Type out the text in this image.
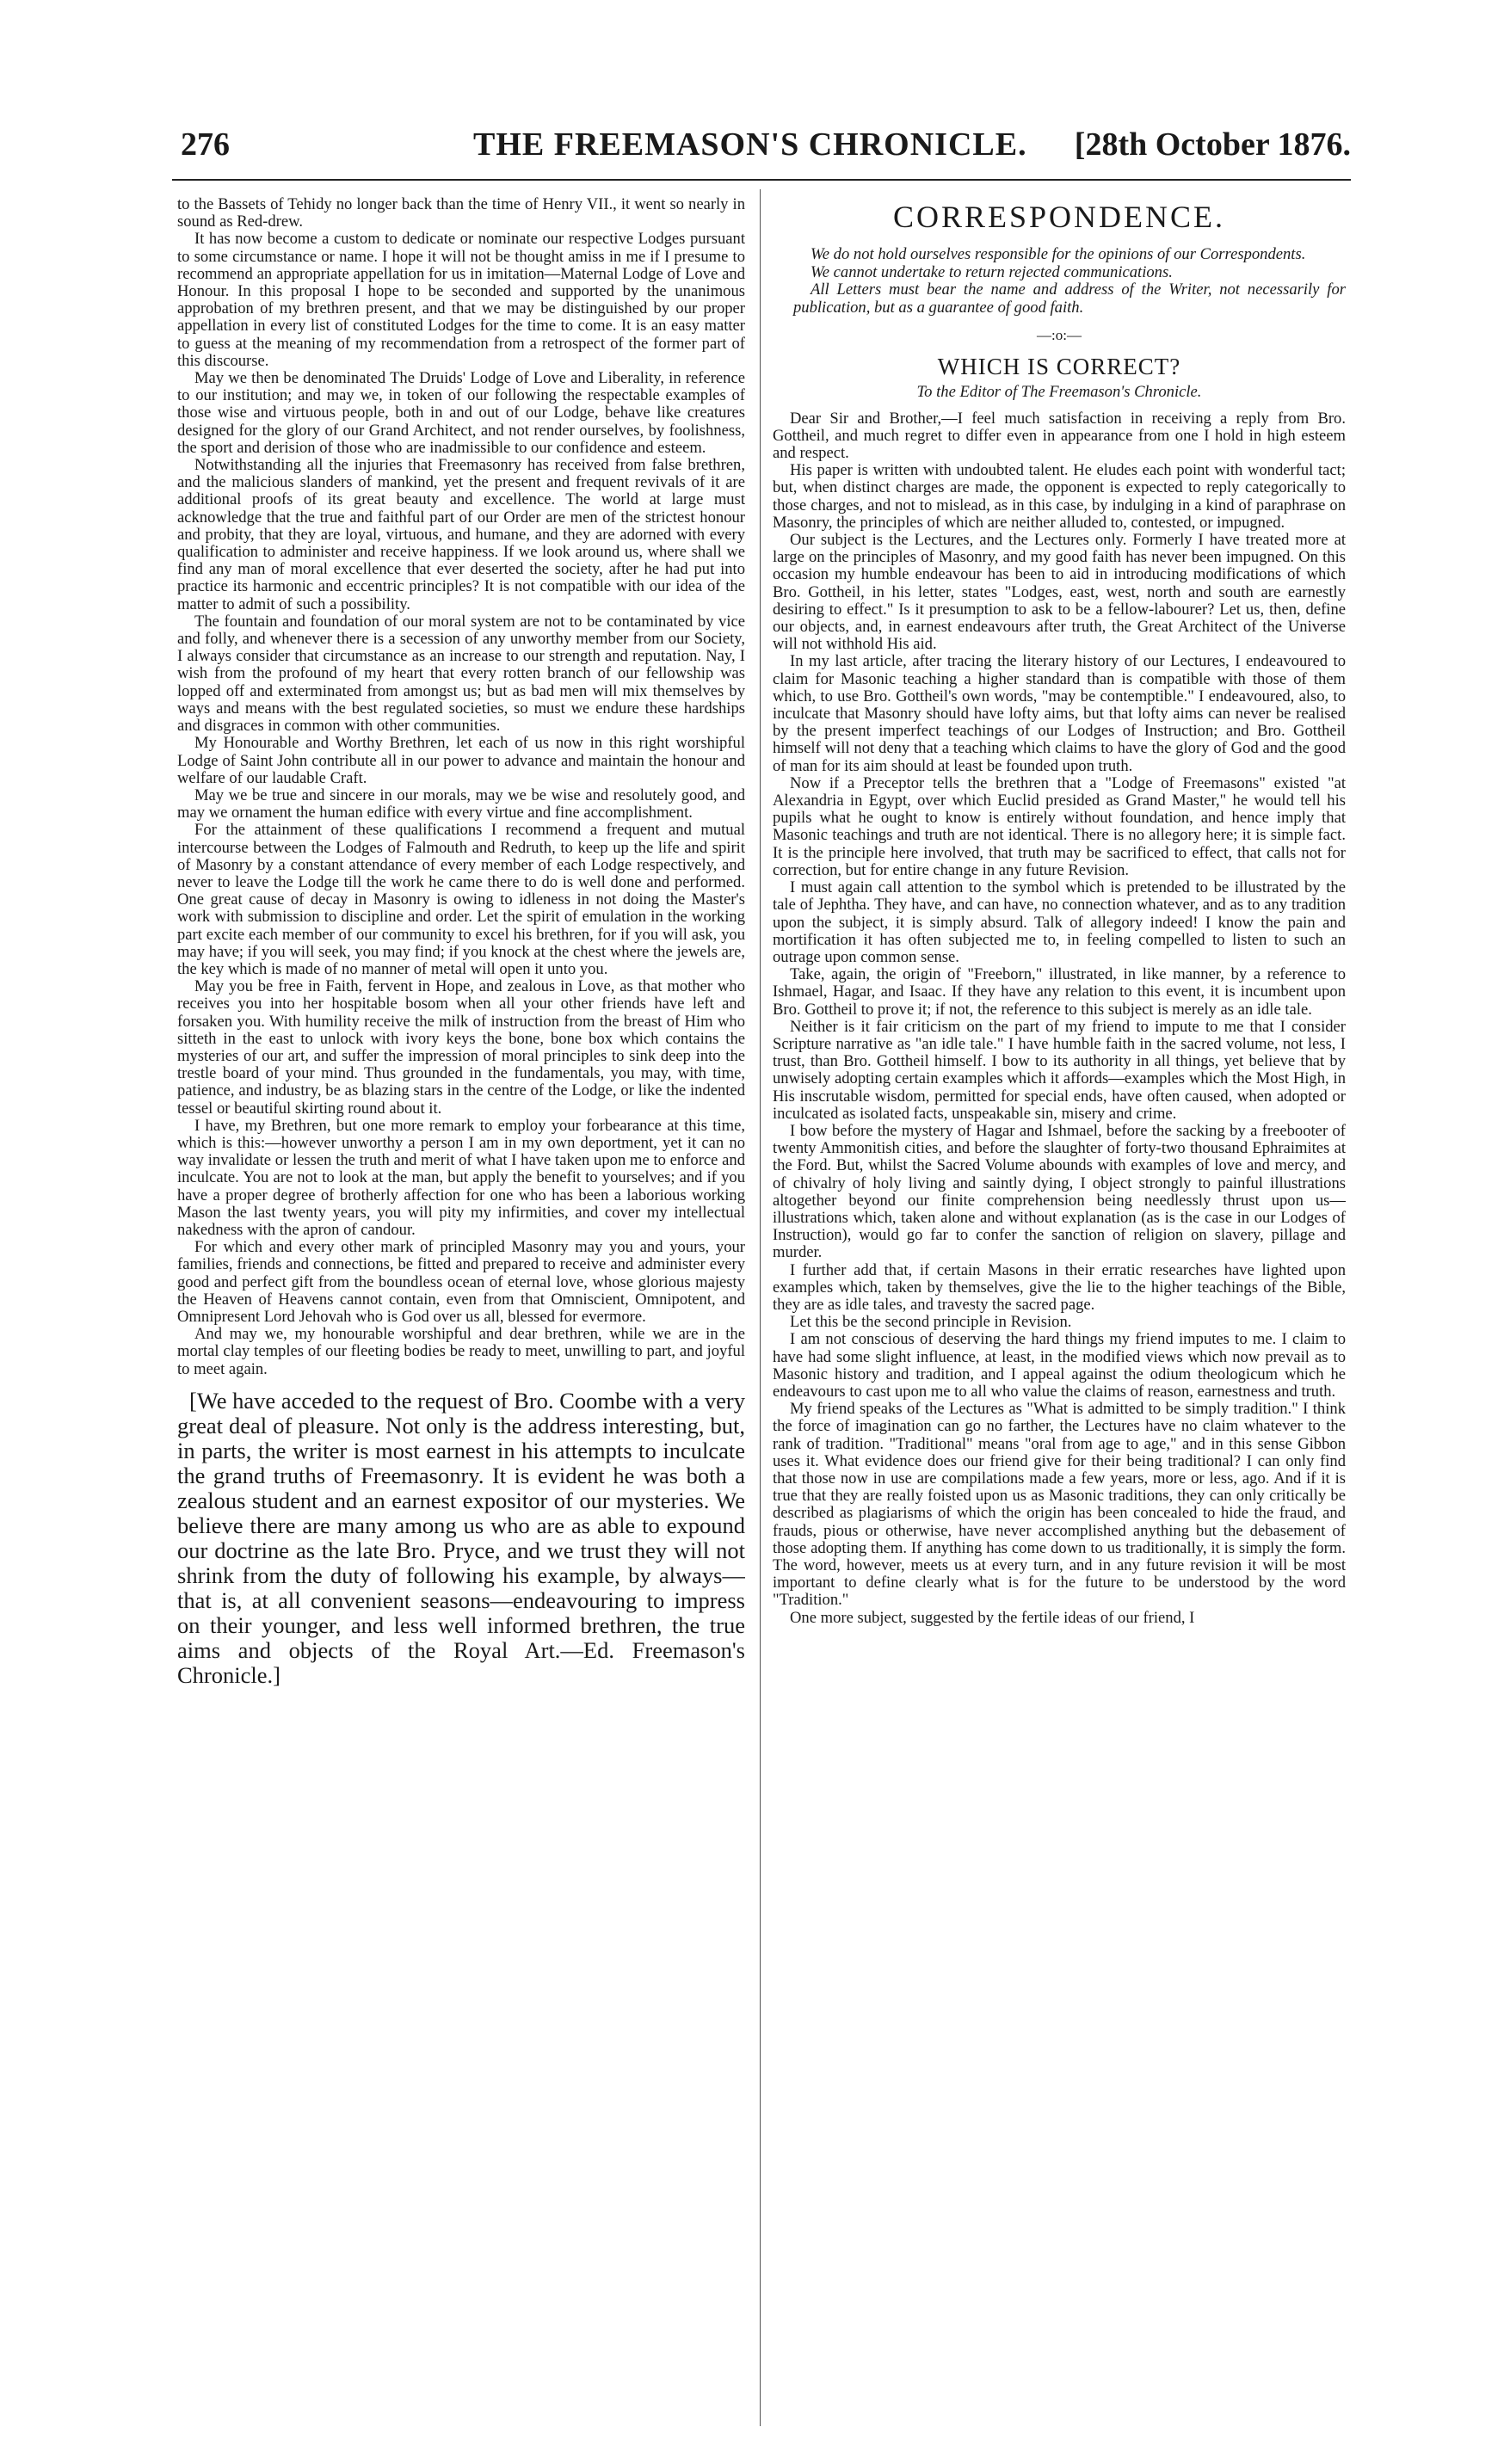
276	THE FREEMASON'S CHRONICLE. [28th October 1876.

to the Bassets of Tehidy no longer back than the time of Henry VII., it went so nearly in sound as Red-drew.

It has now become a custom to dedicate or nominate our respective Lodges pursuant to some circumstance or name. I hope it will not be thought amiss in me if I presume to recommend an appropriate appellation for us in imitation—Maternal Lodge of Love and Honour. In this proposal I hope to be seconded and supported by the unanimous approbation of my brethren present, and that we may be distinguished by our proper appellation in every list of constituted Lodges for the time to come. It is an easy matter to guess at the meaning of my recommendation from a retrospect of the former part of this discourse.

May we then be denominated The Druids' Lodge of Love and Liberality, in reference to our institution; and may we, in token of our following the respectable examples of those wise and virtuous people, both in and out of our Lodge, behave like creatures designed for the glory of our Grand Architect, and not render ourselves, by foolishness, the sport and derision of those who are inadmissible to our confidence and esteem.

Notwithstanding all the injuries that Freemasonry has received from false brethren, and the malicious slanders of mankind, yet the present and frequent revivals of it are additional proofs of its great beauty and excellence. The world at large must acknowledge that the true and faithful part of our Order are men of the strictest honour and probity, that they are loyal, virtuous, and humane, and they are adorned with every qualification to administer and receive happiness. If we look around us, where shall we find any man of moral excellence that ever deserted the society, after he had put into practice its harmonic and eccentric principles? It is not compatible with our idea of the matter to admit of such a possibility.

The fountain and foundation of our moral system are not to be contaminated by vice and folly, and whenever there is a secession of any unworthy member from our Society, I always consider that circumstance as an increase to our strength and reputation. Nay, I wish from the profound of my heart that every rotten branch of our fellowship was lopped off and exterminated from amongst us; but as bad men will mix themselves by ways and means with the best regulated societies, so must we endure these hardships and disgraces in common with other communities.

My Honourable and Worthy Brethren, let each of us now in this right worshipful Lodge of Saint John contribute all in our power to advance and maintain the honour and welfare of our laudable Craft.

May we be true and sincere in our morals, may we be wise and resolutely good, and may we ornament the human edifice with every virtue and fine accomplishment.

For the attainment of these qualifications I recommend a frequent and mutual intercourse between the Lodges of Falmouth and Redruth, to keep up the life and spirit of Masonry by a constant attendance of every member of each Lodge respectively, and never to leave the Lodge till the work he came there to do is well done and performed. One great cause of decay in Masonry is owing to idleness in not doing the Master's work with submission to discipline and order. Let the spirit of emulation in the working part excite each member of our community to excel his brethren, for if you will ask, you may have; if you will seek, you may find; if you knock at the chest where the jewels are, the key which is made of no manner of metal will open it unto you.

May you be free in Faith, fervent in Hope, and zealous in Love, as that mother who receives you into her hospitable bosom when all your other friends have left and forsaken you. With humility receive the milk of instruction from the breast of Him who sitteth in the east to unlock with ivory keys the bone, bone box which contains the mysteries of our art, and suffer the impression of moral principles to sink deep into the trestle board of your mind. Thus grounded in the fundamentals, you may, with time, patience, and industry, be as blazing stars in the centre of the Lodge, or like the indented tessel or beautiful skirting round about it.

I have, my Brethren, but one more remark to employ your forbearance at this time, which is this:—however unworthy a person I am in my own deportment, yet it can no way invalidate or lessen the truth and merit of what I have taken upon me to enforce and inculcate. You are not to look at the man, but apply the benefit to yourselves; and if you have a proper degree of brotherly affection for one who has been a laborious working Mason the last twenty years, you will pity my infirmities, and cover my intellectual nakedness with the apron of candour.

For which and every other mark of principled Masonry may you and yours, your families, friends and connections, be fitted and prepared to receive and administer every good and perfect gift from the boundless ocean of eternal love, whose glorious majesty the Heaven of Heavens cannot contain, even from that Omniscient, Omnipotent, and Omnipresent Lord Jehovah who is God over us all, blessed for evermore.

And may we, my honourable worshipful and dear brethren, while we are in the mortal clay temples of our fleeting bodies be ready to meet, unwilling to part, and joyful to meet again.

[We have acceded to the request of Bro. Coombe with a very great deal of pleasure. Not only is the address interesting, but, in parts, the writer is most earnest in his attempts to inculcate the grand truths of Freemasonry. It is evident he was both a zealous student and an earnest expositor of our mysteries. We believe there are many among us who are as able to expound our doctrine as the late Bro. Pryce, and we trust they will not shrink from the duty of following his example, by always—that is, at all convenient seasons—endeavouring to impress on their younger, and less well informed brethren, the true aims and objects of the Royal Art.—Ed. Freemason's Chronicle.]

CORRESPONDENCE.

We do not hold ourselves responsible for the opinions of our Correspondents.

We cannot undertake to return rejected communications.

All Letters must bear the name and address of the Writer, not necessarily for publication, but as a guarantee of good faith.

—:o:—
WHICH IS CORRECT?
To the Editor of The Freemason's Chronicle.

Dear Sir and Brother,—I feel much satisfaction in receiving a reply from Bro. Gottheil, and much regret to differ even in appearance from one I hold in high esteem and respect.

His paper is written with undoubted talent. He eludes each point with wonderful tact; but, when distinct charges are made, the opponent is expected to reply categorically to those charges, and not to mislead, as in this case, by indulging in a kind of paraphrase on Masonry, the principles of which are neither alluded to, contested, or impugned.

Our subject is the Lectures, and the Lectures only. Formerly I have treated more at large on the principles of Masonry, and my good faith has never been impugned. On this occasion my humble endeavour has been to aid in introducing modifications of which Bro. Gottheil, in his letter, states "Lodges, east, west, north and south are earnestly desiring to effect." Is it presumption to ask to be a fellow-labourer? Let us, then, define our objects, and, in earnest endeavours after truth, the Great Architect of the Universe will not withhold His aid.

In my last article, after tracing the literary history of our Lectures, I endeavoured to claim for Masonic teaching a higher standard than is compatible with those of them which, to use Bro. Gottheil's own words, "may be contemptible." I endeavoured, also, to inculcate that Masonry should have lofty aims, but that lofty aims can never be realised by the present imperfect teachings of our Lodges of Instruction; and Bro. Gottheil himself will not deny that a teaching which claims to have the glory of God and the good of man for its aim should at least be founded upon truth.

Now if a Preceptor tells the brethren that a "Lodge of Freemasons" existed "at Alexandria in Egypt, over which Euclid presided as Grand Master," he would tell his pupils what he ought to know is entirely without foundation, and hence imply that Masonic teachings and truth are not identical. There is no allegory here; it is simple fact. It is the principle here involved, that truth may be sacrificed to effect, that calls not for correction, but for entire change in any future Revision.

I must again call attention to the symbol which is pretended to be illustrated by the tale of Jephtha. They have, and can have, no connection whatever, and as to any tradition upon the subject, it is simply absurd. Talk of allegory indeed! I know the pain and mortification it has often subjected me to, in feeling compelled to listen to such an outrage upon common sense.

Take, again, the origin of "Freeborn," illustrated, in like manner, by a reference to Ishmael, Hagar, and Isaac. If they have any relation to this event, it is incumbent upon Bro. Gottheil to prove it; if not, the reference to this subject is merely as an idle tale.

Neither is it fair criticism on the part of my friend to impute to me that I consider Scripture narrative as "an idle tale." I have humble faith in the sacred volume, not less, I trust, than Bro. Gottheil himself. I bow to its authority in all things, yet believe that by unwisely adopting certain examples which it affords—examples which the Most High, in His inscrutable wisdom, permitted for special ends, have often caused, when adopted or inculcated as isolated facts, unspeakable sin, misery and crime.

I bow before the mystery of Hagar and Ishmael, before the sacking by a freebooter of twenty Ammonitish cities, and before the slaughter of forty-two thousand Ephraimites at the Ford. But, whilst the Sacred Volume abounds with examples of love and mercy, and of chivalry of holy living and saintly dying, I object strongly to painful illustrations altogether beyond our finite comprehension being needlessly thrust upon us—illustrations which, taken alone and without explanation (as is the case in our Lodges of Instruction), would go far to confer the sanction of religion on slavery, pillage and murder.

I further add that, if certain Masons in their erratic researches have lighted upon examples which, taken by themselves, give the lie to the higher teachings of the Bible, they are as idle tales, and travesty the sacred page.

Let this be the second principle in Revision.

I am not conscious of deserving the hard things my friend imputes to me. I claim to have had some slight influence, at least, in the modified views which now prevail as to Masonic history and tradition, and I appeal against the odium theologicum which he endeavours to cast upon me to all who value the claims of reason, earnestness and truth.

My friend speaks of the Lectures as "What is admitted to be simply tradition." I think the force of imagination can go no farther, the Lectures have no claim whatever to the rank of tradition. "Traditional" means "oral from age to age," and in this sense Gibbon uses it. What evidence does our friend give for their being traditional? I can only find that those now in use are compilations made a few years, more or less, ago. And if it is true that they are really foisted upon us as Masonic traditions, they can only critically be described as plagiarisms of which the origin has been concealed to hide the fraud, and frauds, pious or otherwise, have never accomplished anything but the debasement of those adopting them. If anything has come down to us traditionally, it is simply the form. The word, however, meets us at every turn, and in any future revision it will be most important to define clearly what is for the future to be understood by the word "Tradition."

One more subject, suggested by the fertile ideas of our friend, I
